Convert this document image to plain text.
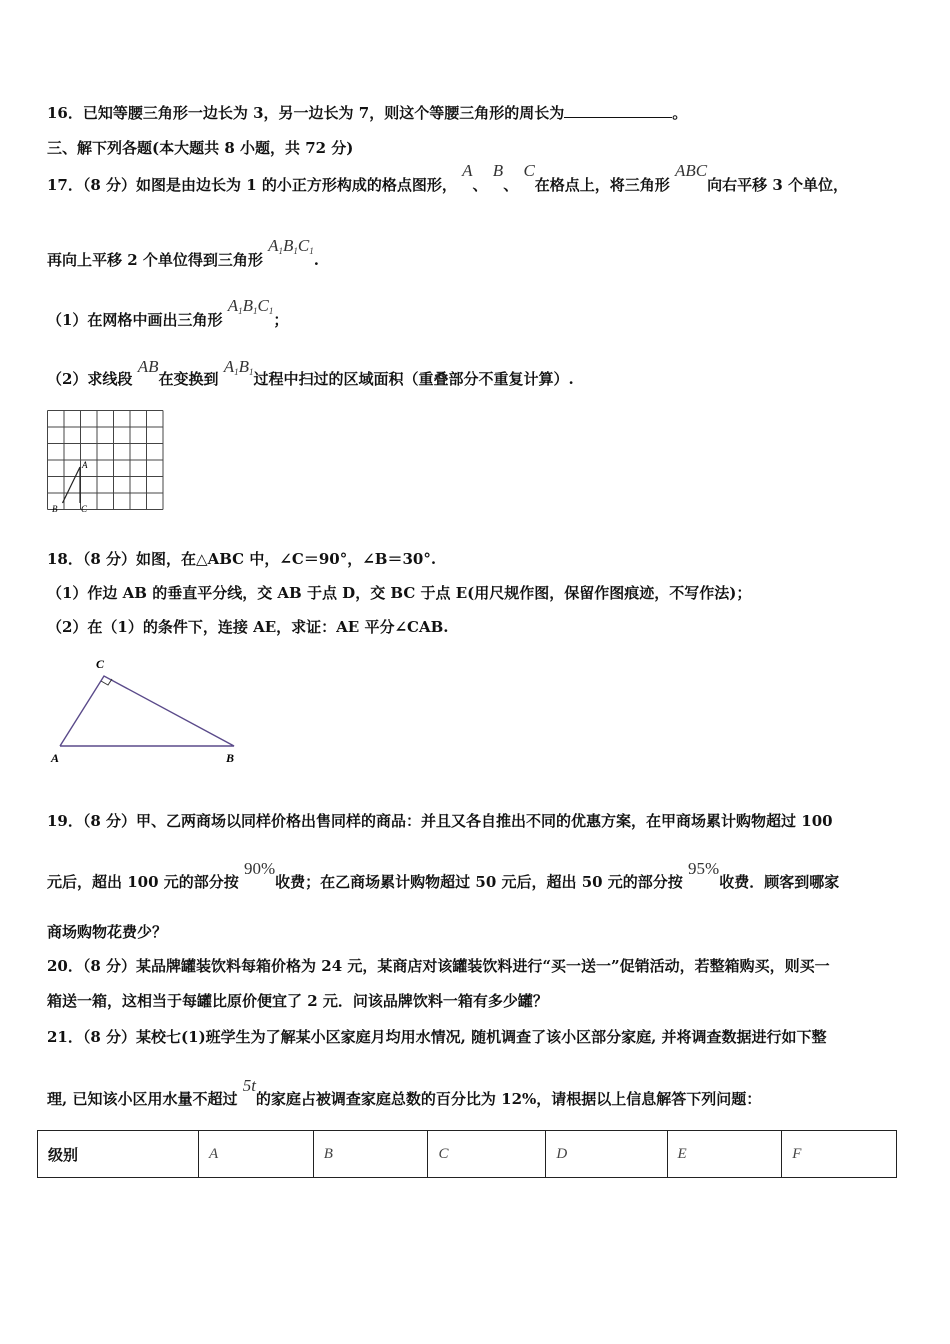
16．已知等腰三角形一边长为 3，另一边长为 7，则这个等腰三角形的周长为	。
三、解下列各题(本大题共 8 小题，共 72 分)
17．（8 分）如图是由边长为 1 的小正方形构成的格点图形， A、 B、 C在格点上，将三角形 ABC向右平移 3 个单位，
再向上平移 2 个单位得到三角形 A1B1C1.
（1）在网格中画出三角形 A1B1C1；
（2）求线段 AB在变换到 A1B1过程中扫过的区域面积（重叠部分不重复计算）.
A
B	C
18．（8 分）如图，在△ABC 中，∠C＝90°，∠B＝30°.
（1）作边 AB 的垂直平分线，交 AB 于点 D，交 BC 于点 E(用尺规作图，保留作图痕迹，不写作法)；
（2）在（1）的条件下，连接 AE，求证：AE 平分∠CAB.
C
A	B
19．（8 分）甲、乙两商场以同样价格出售同样的商品：并且又各自推出不同的优惠方案，在甲商场累计购物超过 100
元后，超出 100 元的部分按 90%收费；在乙商场累计购物超过 50 元后，超出 50 元的部分按 95%收费．顾客到哪家
商场购物花费少？
20．（8 分）某品牌罐装饮料每箱价格为 24 元，某商店对该罐装饮料进行“买一送一”促销活动，若整箱购买，则买一
箱送一箱，这相当于每罐比原价便宜了 2 元．问该品牌饮料一箱有多少罐？
21．（8 分）某校七(1)班学生为了解某小区家庭月均用水情况, 随机调查了该小区部分家庭, 并将调查数据进行如下整
理, 已知该小区用水量不超过 5t的家庭占被调查家庭总数的百分比为 12%，请根据以上信息解答下列问题：
级别	A	B	C	D	E	F
